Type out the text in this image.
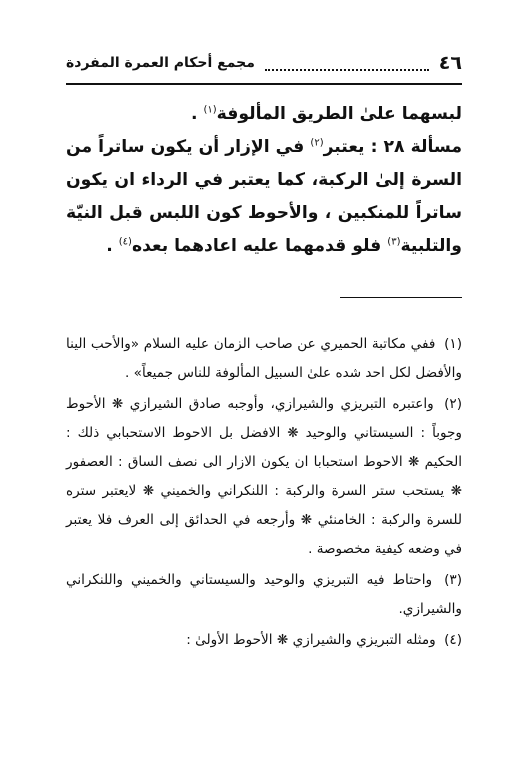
٤٦
مجمع أحكام العمرة المفردة

لبسهما علىٰ الطريق المألوفة$^{(١)}$ .

مسألة ٢٨ : يعتبر$^{(٢)}$ في الإزار أن يكون ساتراً من السرة إلىٰ الركبة، كما يعتبر في الرداء ان يكون ساتراً للمنكبين ، والأحوط كون اللبس قبل النيّة والتلبية$^{(٣)}$ فلو قدمهما عليه اعادهما بعده$^{(٤)}$ .

(١) ففي مكاتبة الحميري عن صاحب الزمان عليه السلام «والأحب الينا والأفضل لكل احد شده علىٰ السبيل المألوفة للناس جميعاً» .

(٢) واعتبره التبريزي والشيرازي، وأوجبه صادق الشيرازي ❋ الأحوط وجوباً : السيستاني والوحيد ❋ الافضل بل الاحوط الاستحبابي ذلك : الحكيم ❋ الاحوط استحبابا ان يكون الازار الى نصف الساق : العصفور ❋ يستحب ستر السرة والركبة : اللنكراني والخميني ❋ لايعتبر ستره للسرة والركبة : الخامنئي ❋ وأرجعه في الحدائق إلى العرف فلا يعتبر في وضعه كيفية مخصوصة .

(٣) واحتاط فيه التبريزي والوحيد والسيستاني والخميني واللنكراني والشيرازي.

(٤) ومثله التبريزي والشيرازي ❋ الأحوط الأولىٰ :
